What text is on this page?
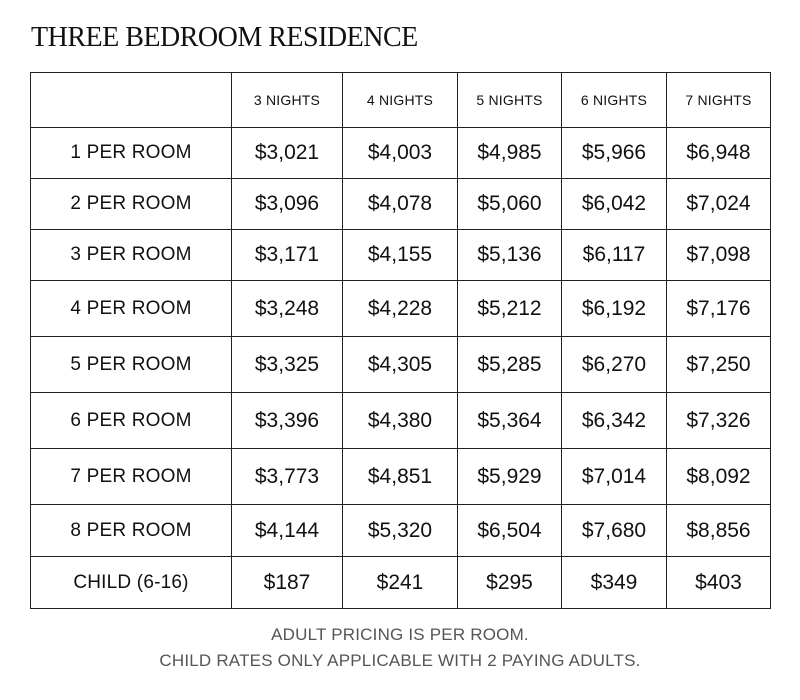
THREE BEDROOM RESIDENCE
	3 NIGHTS	4 NIGHTS	5 NIGHTS	6 NIGHTS	7 NIGHTS
1 PER ROOM	$3,021	$4,003	$4,985	$5,966	$6,948
2 PER ROOM	$3,096	$4,078	$5,060	$6,042	$7,024
3 PER ROOM	$3,171	$4,155	$5,136	$6,117	$7,098
4 PER ROOM	$3,248	$4,228	$5,212	$6,192	$7,176
5 PER ROOM	$3,325	$4,305	$5,285	$6,270	$7,250
6 PER ROOM	$3,396	$4,380	$5,364	$6,342	$7,326
7 PER ROOM	$3,773	$4,851	$5,929	$7,014	$8,092
8 PER ROOM	$4,144	$5,320	$6,504	$7,680	$8,856
CHILD (6-16)	$187	$241	$295	$349	$403
ADULT PRICING IS PER ROOM.
CHILD RATES ONLY APPLICABLE WITH 2 PAYING ADULTS.
